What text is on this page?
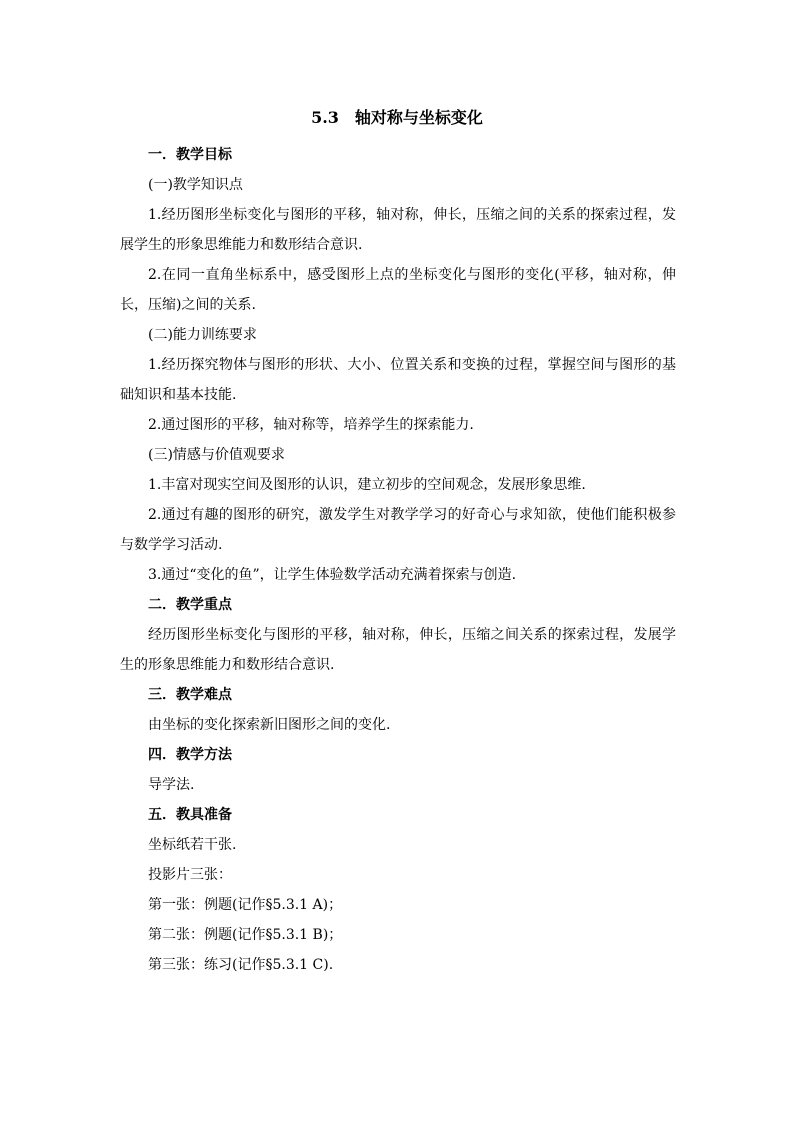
5.3　轴对称与坐标变化

一．教学目标

(一)教学知识点

1.经历图形坐标变化与图形的平移，轴对称，伸长，压缩之间的关系的探索过程，发展学生的形象思维能力和数形结合意识.

2.在同一直角坐标系中，感受图形上点的坐标变化与图形的变化(平移，轴对称，伸长，压缩)之间的关系.

(二)能力训练要求

1.经历探究物体与图形的形状、大小、位置关系和变换的过程，掌握空间与图形的基础知识和基本技能.

2.通过图形的平移，轴对称等，培养学生的探索能力.

(三)情感与价值观要求

1.丰富对现实空间及图形的认识，建立初步的空间观念，发展形象思维.

2.通过有趣的图形的研究，激发学生对教学学习的好奇心与求知欲，使他们能积极参与数学学习活动.

3.通过“变化的鱼”，让学生体验数学活动充满着探索与创造.

二．教学重点

经历图形坐标变化与图形的平移，轴对称，伸长，压缩之间关系的探索过程，发展学生的形象思维能力和数形结合意识.

三．教学难点

由坐标的变化探索新旧图形之间的变化.

四．教学方法

导学法.

五．教具准备

坐标纸若干张.

投影片三张：

第一张：例题(记作§5.3.1 A)；

第二张：例题(记作§5.3.1 B)；

第三张：练习(记作§5.3.1 C).
